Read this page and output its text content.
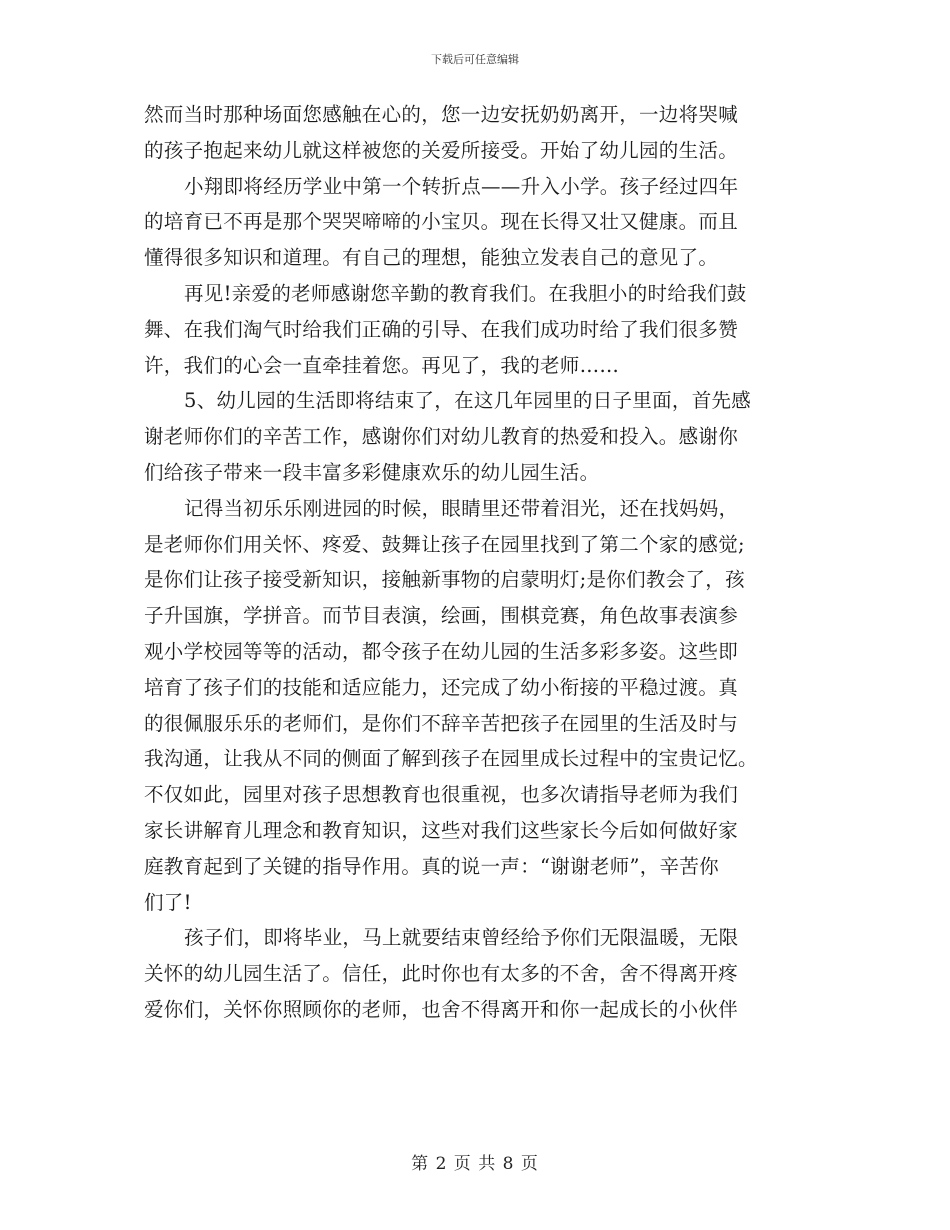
下载后可任意编辑
然而当时那种场面您感触在心的，您一边安抚奶奶离开，一边将哭喊
的孩子抱起来幼儿就这样被您的关爱所接受。开始了幼儿园的生活。
小翔即将经历学业中第一个转折点——升入小学。孩子经过四年
的培育已不再是那个哭哭啼啼的小宝贝。现在长得又壮又健康。而且
懂得很多知识和道理。有自己的理想，能独立发表自己的意见了。
再见!亲爱的老师感谢您辛勤的教育我们。在我胆小的时给我们鼓
舞、在我们淘气时给我们正确的引导、在我们成功时给了我们很多赞
许，我们的心会一直牵挂着您。再见了，我的老师……
5、幼儿园的生活即将结束了，在这几年园里的日子里面，首先感
谢老师你们的辛苦工作，感谢你们对幼儿教育的热爱和投入。感谢你
们给孩子带来一段丰富多彩健康欢乐的幼儿园生活。
记得当初乐乐刚进园的时候，眼睛里还带着泪光，还在找妈妈，
是老师你们用关怀、疼爱、鼓舞让孩子在园里找到了第二个家的感觉;
是你们让孩子接受新知识，接触新事物的启蒙明灯;是你们教会了，孩
子升国旗，学拼音。而节目表演，绘画，围棋竞赛，角色故事表演参
观小学校园等等的活动，都令孩子在幼儿园的生活多彩多姿。这些即
培育了孩子们的技能和适应能力，还完成了幼小衔接的平稳过渡。真
的很佩服乐乐的老师们，是你们不辞辛苦把孩子在园里的生活及时与
我沟通，让我从不同的侧面了解到孩子在园里成长过程中的宝贵记忆。
不仅如此，园里对孩子思想教育也很重视，也多次请指导老师为我们
家长讲解育儿理念和教育知识，这些对我们这些家长今后如何做好家
庭教育起到了关键的指导作用。真的说一声：“谢谢老师”，辛苦你
们了!
孩子们，即将毕业，马上就要结束曾经给予你们无限温暖，无限
关怀的幼儿园生活了。信任，此时你也有太多的不舍，舍不得离开疼
爱你们，关怀你照顾你的老师，也舍不得离开和你一起成长的小伙伴
第 2 页 共 8 页
